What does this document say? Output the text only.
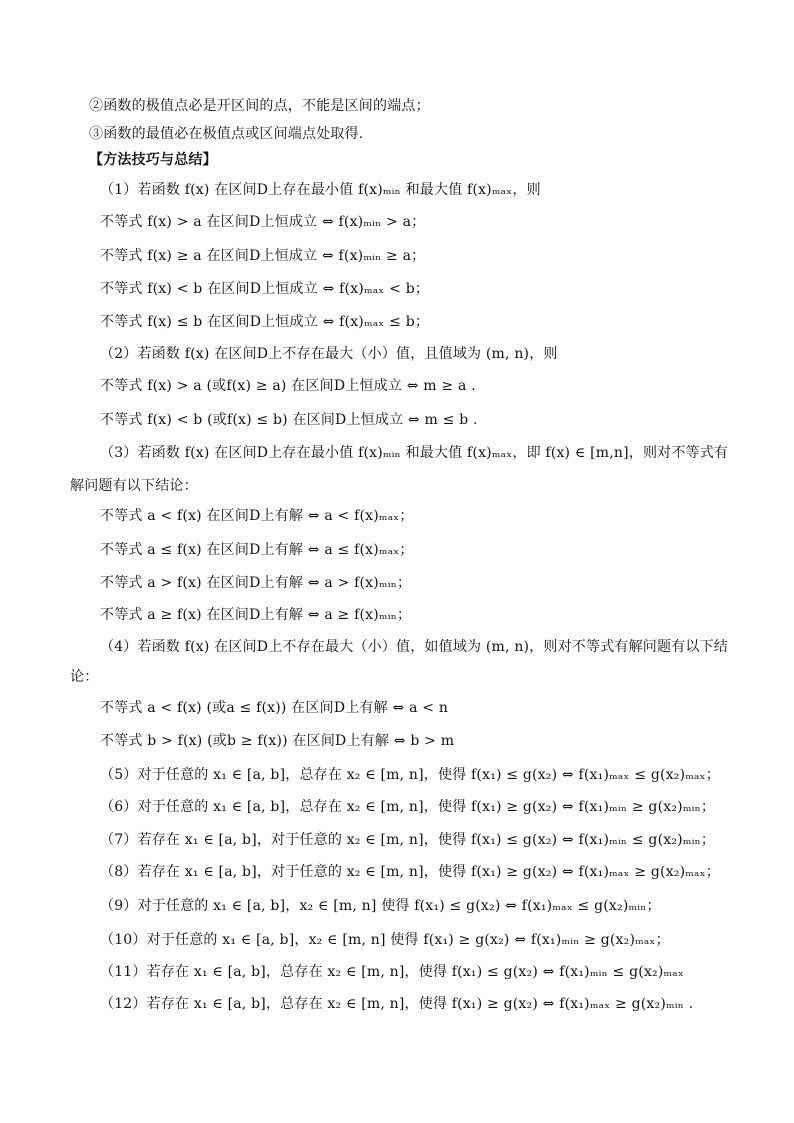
②函数的极值点必是开区间的点，不能是区间的端点；
③函数的最值必在极值点或区间端点处取得.
【方法技巧与总结】
（1）若函数 f(x) 在区间D上存在最小值 f(x)ₘᵢₙ 和最大值 f(x)ₘₐₓ，则
不等式 f(x) > a 在区间D上恒成立 ⇔ f(x)ₘᵢₙ > a；
不等式 f(x) ≥ a 在区间D上恒成立 ⇔ f(x)ₘᵢₙ ≥ a；
不等式 f(x) < b 在区间D上恒成立 ⇔ f(x)ₘₐₓ < b；
不等式 f(x) ≤ b 在区间D上恒成立 ⇔ f(x)ₘₐₓ ≤ b；
（2）若函数 f(x) 在区间D上不存在最大（小）值，且值域为 (m, n)，则
不等式 f(x) > a (或f(x) ≥ a) 在区间D上恒成立 ⇔ m ≥ a .
不等式 f(x) < b (或f(x) ≤ b) 在区间D上恒成立 ⇔ m ≤ b .
（3）若函数 f(x) 在区间D上存在最小值 f(x)ₘᵢₙ 和最大值 f(x)ₘₐₓ，即 f(x) ∈ [m,n]，则对不等式有
解问题有以下结论：
不等式 a < f(x) 在区间D上有解 ⇔ a < f(x)ₘₐₓ；
不等式 a ≤ f(x) 在区间D上有解 ⇔ a ≤ f(x)ₘₐₓ；
不等式 a > f(x) 在区间D上有解 ⇔ a > f(x)ₘᵢₙ；
不等式 a ≥ f(x) 在区间D上有解 ⇔ a ≥ f(x)ₘᵢₙ；
（4）若函数 f(x) 在区间D上不存在最大（小）值，如值域为 (m, n)，则对不等式有解问题有以下结
论：
不等式 a < f(x) (或a ≤ f(x)) 在区间D上有解 ⇔ a < n
不等式 b > f(x) (或b ≥ f(x)) 在区间D上有解 ⇔ b > m
（5）对于任意的 x₁ ∈ [a, b]，总存在 x₂ ∈ [m, n]，使得 f(x₁) ≤ g(x₂) ⇔ f(x₁)ₘₐₓ ≤ g(x₂)ₘₐₓ；
（6）对于任意的 x₁ ∈ [a, b]，总存在 x₂ ∈ [m, n]，使得 f(x₁) ≥ g(x₂) ⇔ f(x₁)ₘᵢₙ ≥ g(x₂)ₘᵢₙ；
（7）若存在 x₁ ∈ [a, b]，对于任意的 x₂ ∈ [m, n]，使得 f(x₁) ≤ g(x₂) ⇔ f(x₁)ₘᵢₙ ≤ g(x₂)ₘᵢₙ；
（8）若存在 x₁ ∈ [a, b]，对于任意的 x₂ ∈ [m, n]，使得 f(x₁) ≥ g(x₂) ⇔ f(x₁)ₘₐₓ ≥ g(x₂)ₘₐₓ；
（9）对于任意的 x₁ ∈ [a, b]，x₂ ∈ [m, n] 使得 f(x₁) ≤ g(x₂) ⇔ f(x₁)ₘₐₓ ≤ g(x₂)ₘᵢₙ；
（10）对于任意的 x₁ ∈ [a, b]，x₂ ∈ [m, n] 使得 f(x₁) ≥ g(x₂) ⇔ f(x₁)ₘᵢₙ ≥ g(x₂)ₘₐₓ；
（11）若存在 x₁ ∈ [a, b]，总存在 x₂ ∈ [m, n]，使得 f(x₁) ≤ g(x₂) ⇔ f(x₁)ₘᵢₙ ≤ g(x₂)ₘₐₓ
（12）若存在 x₁ ∈ [a, b]，总存在 x₂ ∈ [m, n]，使得 f(x₁) ≥ g(x₂) ⇔ f(x₁)ₘₐₓ ≥ g(x₂)ₘᵢₙ .
